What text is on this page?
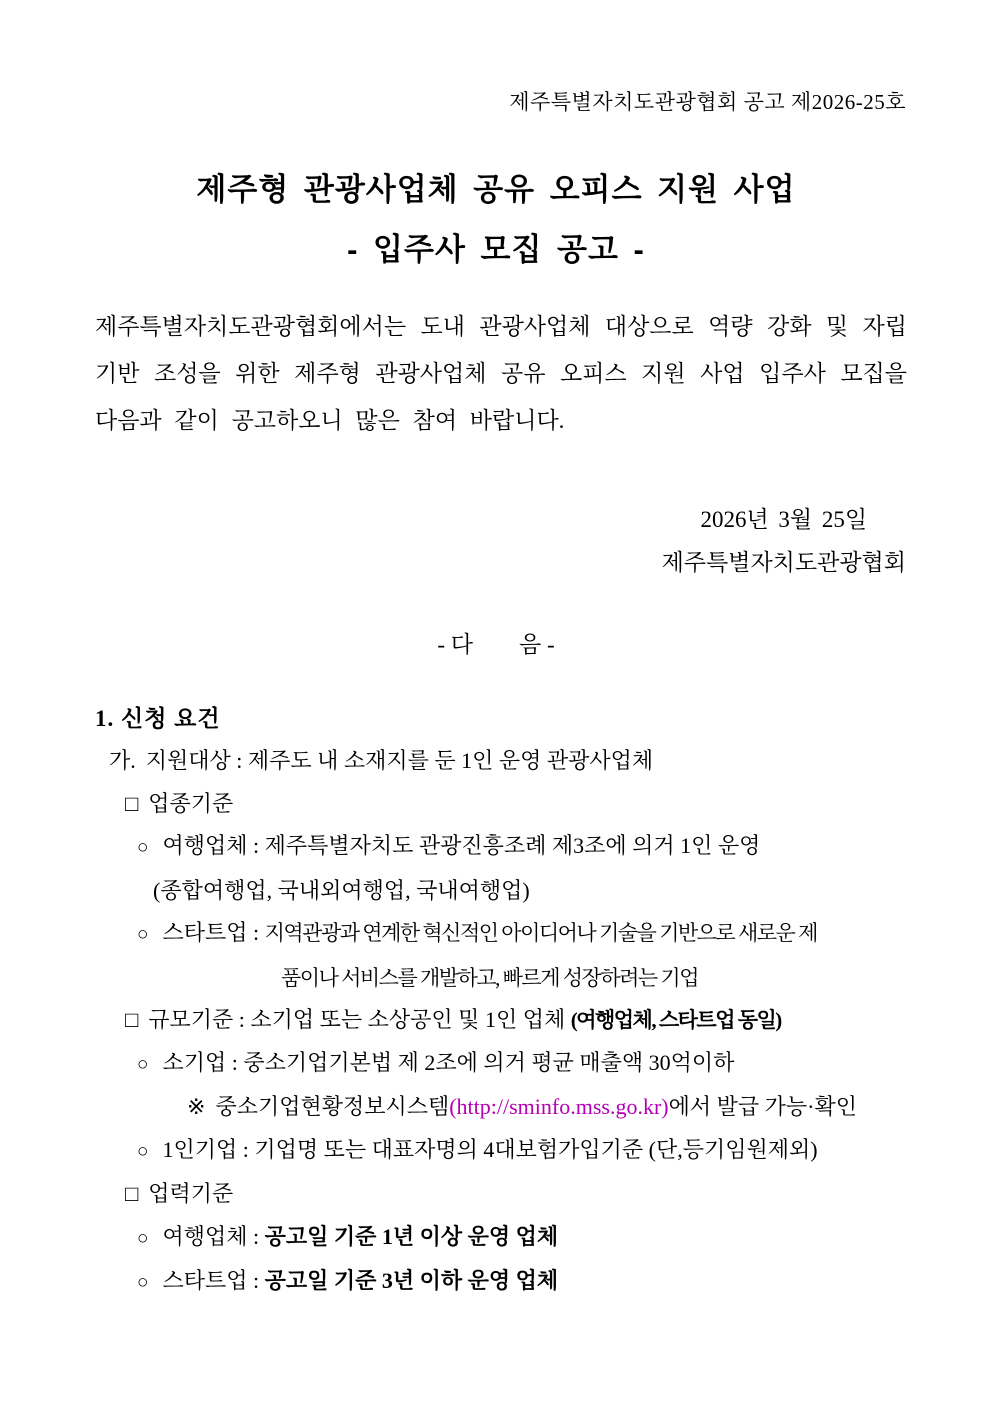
제주특별자치도관광협회 공고 제2026-25호
제주형 관광사업체 공유 오피스 지원 사업
- 입주사 모집 공고 -
제주특별자치도관광협회에서는 도내 관광사업체 대상으로 역량 강화 및 자립 기반 조성을 위한 제주형 관광사업체 공유 오피스 지원 사업 입주사 모집을 다음과 같이 공고하오니 많은 참여 바랍니다.
2026년 3월 25일
제주특별자치도관광협회
- 다        음 -
1. 신청 요건
가. 지원대상 : 제주도 내 소재지를 둔 1인 운영 관광사업체
□ 업종기준
○ 여행업체 : 제주특별자치도 관광진흥조례 제3조에 의거 1인 운영
(종합여행업, 국내외여행업, 국내여행업)
○ 스타트업 : 지역관광과 연계한 혁신적인 아이디어나 기술을 기반으로 새로운 제
품이나 서비스를 개발하고, 빠르게 성장하려는 기업
□ 규모기준 : 소기업 또는 소상공인 및 1인 업체 (여행업체, 스타트업 동일)
○ 소기업 : 중소기업기본법 제 2조에 의거 평균 매출액 30억이하
※ 중소기업현황정보시스템(http://sminfo.mss.go.kr)에서 발급 가능·확인
○ 1인기업 : 기업명 또는 대표자명의 4대보험가입기준 (단,등기임원제외)
□ 업력기준
○ 여행업체 : 공고일 기준 1년 이상 운영 업체
○ 스타트업 : 공고일 기준 3년 이하 운영 업체
